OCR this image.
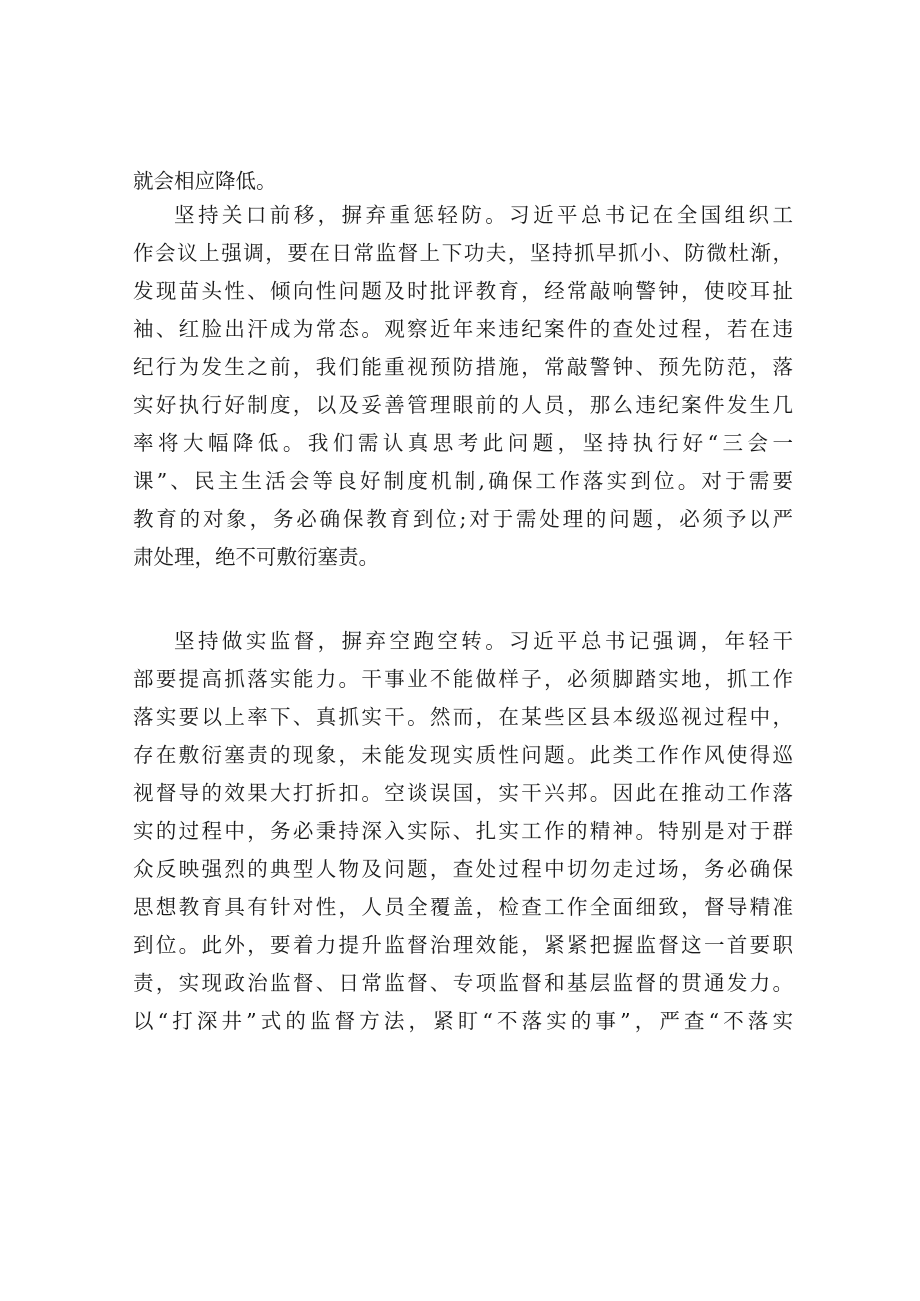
就会相应降低。
坚持关口前移，摒弃重惩轻防。习近平总书记在全国组织工
作会议上强调，要在日常监督上下功夫，坚持抓早抓小、防微杜渐，
发现苗头性、倾向性问题及时批评教育，经常敲响警钟，使咬耳扯
袖、红脸出汗成为常态。观察近年来违纪案件的查处过程，若在违
纪行为发生之前，我们能重视预防措施，常敲警钟、预先防范，落
实好执行好制度，以及妥善管理眼前的人员，那么违纪案件发生几
率将大幅降低。我们需认真思考此问题，坚持执行好“三会一
课”、民主生活会等良好制度机制,确保工作落实到位。对于需要
教育的对象，务必确保教育到位;对于需处理的问题，必须予以严
肃处理，绝不可敷衍塞责。
坚持做实监督，摒弃空跑空转。习近平总书记强调，年轻干
部要提高抓落实能力。干事业不能做样子，必须脚踏实地，抓工作
落实要以上率下、真抓实干。然而，在某些区县本级巡视过程中，
存在敷衍塞责的现象，未能发现实质性问题。此类工作作风使得巡
视督导的效果大打折扣。空谈误国，实干兴邦。因此在推动工作落
实的过程中，务必秉持深入实际、扎实工作的精神。特别是对于群
众反映强烈的典型人物及问题，查处过程中切勿走过场，务必确保
思想教育具有针对性，人员全覆盖，检查工作全面细致，督导精准
到位。此外，要着力提升监督治理效能，紧紧把握监督这一首要职
责，实现政治监督、日常监督、专项监督和基层监督的贯通发力。
以“打深井”式的监督方法，紧盯“不落实的事”，严查“不落实
